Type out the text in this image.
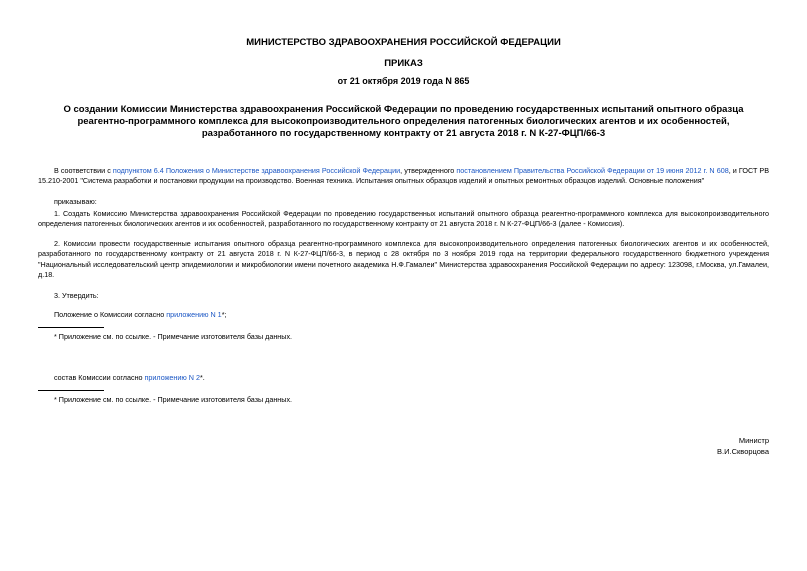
МИНИСТЕРСТВО ЗДРАВООХРАНЕНИЯ РОССИЙСКОЙ ФЕДЕРАЦИИ
ПРИКАЗ
от 21 октября 2019 года N 865
О создании Комиссии Министерства здравоохранения Российской Федерации по проведению государственных испытаний опытного образца реагентно-программного комплекса для высокопроизводительного определения патогенных биологических агентов и их особенностей, разработанного по государственному контракту от 21 августа 2018 г. N К-27-ФЦП/66-3

В соответствии с подпунктом 6.4 Положения о Министерстве здравоохранения Российской Федерации, утвержденного постановлением Правительства Российской Федерации от 19 июня 2012 г. N 608, и ГОСТ РВ 15.210-2001 "Система разработки и постановки продукции на производство. Военная техника. Испытания опытных образцов изделий и опытных ремонтных образцов изделий. Основные положения"

приказываю:

1. Создать Комиссию Министерства здравоохранения Российской Федерации по проведению государственных испытаний опытного образца реагентно-программного комплекса для высокопроизводительного определения патогенных биологических агентов и их особенностей, разработанного по государственному контракту от 21 августа 2018 г. N К-27-ФЦП/66-3 (далее - Комиссия).

2. Комиссии провести государственные испытания опытного образца реагентно-программного комплекса для высокопроизводительного определения патогенных биологических агентов и их особенностей, разработанного по государственному контракту от 21 августа 2018 г. N К-27-ФЦП/66-3, в период с 28 октября по 3 ноября 2019 года на территории федерального государственного бюджетного учреждения "Национальный исследовательский центр эпидемиологии и микробиологии имени почетного академика Н.Ф.Гамалеи" Министерства здравоохранения Российской Федерации по адресу: 123098, г.Москва, ул.Гамалеи, д.18.

3. Утвердить:

Положение о Комиссии согласно приложению N 1*;

* Приложение см. по ссылке. - Примечание изготовителя базы данных.

состав Комиссии согласно приложению N 2*.

* Приложение см. по ссылке. - Примечание изготовителя базы данных.

Министр
В.И.Скворцова
